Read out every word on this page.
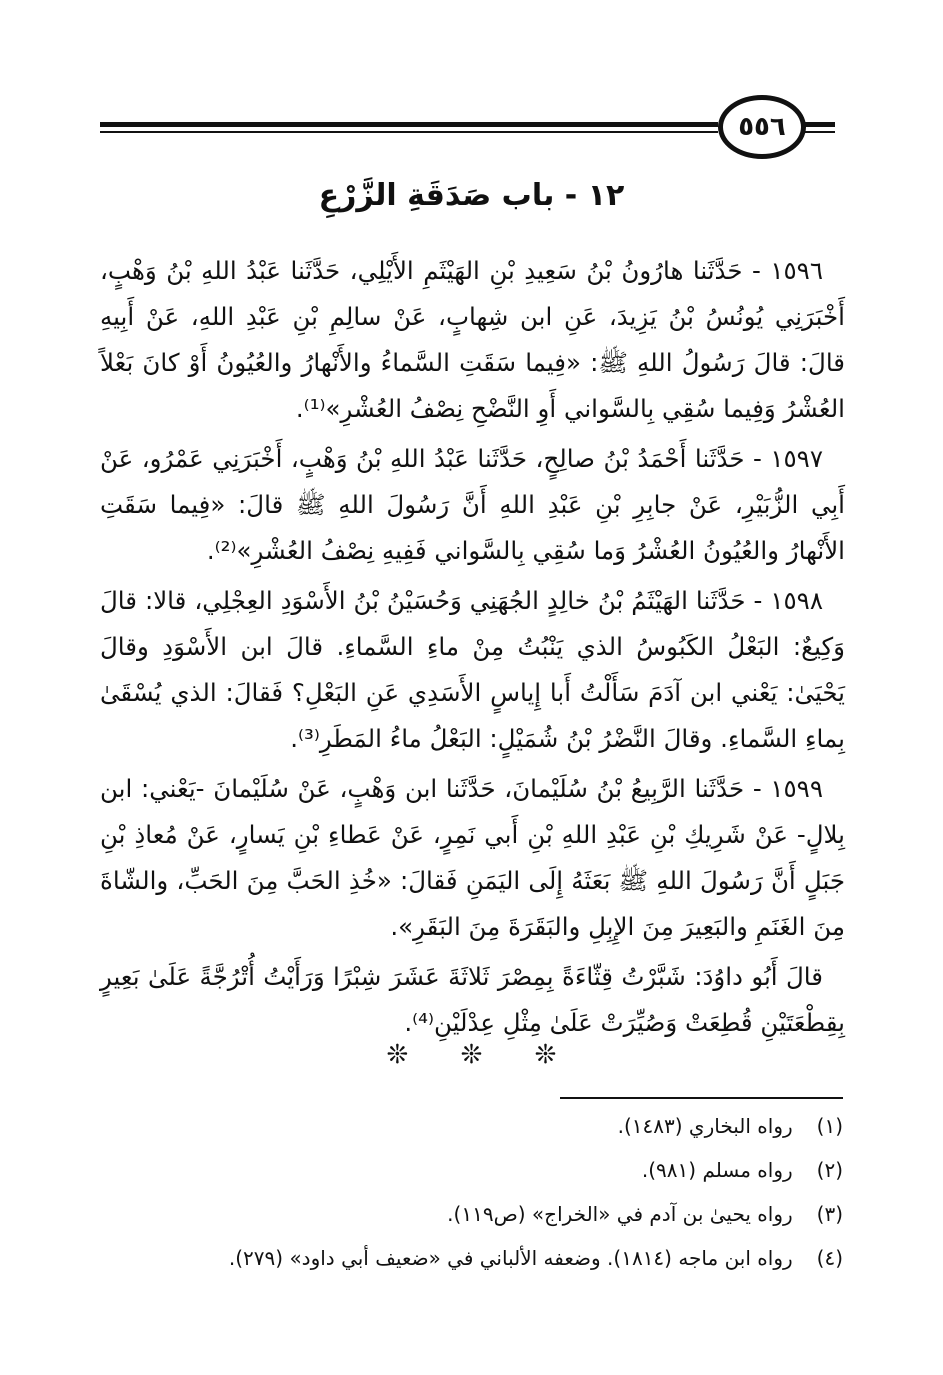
٥٥٦
١٢ - باب صَدَقَةِ الزَّرْعِ

١٥٩٦ - حَدَّثَنا هارُونُ بْنُ سَعِيدِ بْنِ الهَيْثَمِ الأَيْلِي، حَدَّثَنا عَبْدُ اللهِ بْنُ وَهْبٍ، أَخْبَرَنِي يُونُسُ بْنُ يَزِيدَ، عَنِ ابن شِهابٍ، عَنْ سالِمِ بْنِ عَبْدِ اللهِ، عَنْ أَبِيهِ قالَ: قالَ رَسُولُ اللهِ ﷺ: «فِيما سَقَتِ السَّماءُ والأَنْهارُ والعُيُونُ أَوْ كانَ بَعْلاً العُشْرُ وَفِيما سُقِي بِالسَّواني أَوِ النَّضْحِ نِصْفُ العُشْرِ»⁽¹⁾.

١٥٩٧ - حَدَّثَنا أَحْمَدُ بْنُ صالِحٍ، حَدَّثَنا عَبْدُ اللهِ بْنُ وَهْبٍ، أَخْبَرَنِي عَمْرُو، عَنْ أَبِي الزُّبَيْرِ، عَنْ جابِرِ بْنِ عَبْدِ اللهِ أَنَّ رَسُولَ اللهِ ﷺ قالَ: «فِيما سَقَتِ الأَنْهارُ والعُيُونُ العُشْرُ وَما سُقِي بِالسَّواني فَفِيهِ نِصْفُ العُشْرِ»⁽²⁾.

١٥٩٨ - حَدَّثَنا الهَيْثَمُ بْنُ خالِدٍ الجُهَنِي وَحُسَيْنُ بْنُ الأَسْوَدِ العِجْلِي، قالا: قالَ وَكِيعٌ: البَعْلُ الكَبُوسُ الذي يَنْبُتُ مِنْ ماءِ السَّماءِ. قالَ ابن الأَسْوَدِ وقالَ يَحْيَىٰ: يَعْني ابن آدَمَ سَأَلْتُ أَبا إِياسٍ الأَسَدِي عَنِ البَعْلِ؟ فَقالَ: الذي يُسْقَىٰ بِماءِ السَّماءِ. وقالَ النَّضْرُ بْنُ شُمَيْلٍ: البَعْلُ ماءُ المَطَرِ⁽³⁾.

١٥٩٩ - حَدَّثَنا الرَّبِيعُ بْنُ سُلَيْمانَ، حَدَّثَنا ابن وَهْبٍ، عَنْ سُلَيْمانَ -يَعْني: ابن بِلالٍ- عَنْ شَرِيكِ بْنِ عَبْدِ اللهِ بْنِ أَبي نَمِرٍ، عَنْ عَطاءِ بْنِ يَسارٍ، عَنْ مُعاذِ بْنِ جَبَلٍ أَنَّ رَسُولَ اللهِ ﷺ بَعَثَهُ إِلَى اليَمَنِ فَقالَ: «خُذِ الحَبَّ مِنَ الحَبِّ، والشّاةَ مِنَ الغَنَمِ والبَعِيرَ مِنَ الإِبِلِ والبَقَرَةَ مِنَ البَقَرِ».

قالَ أَبُو داوُدَ: شَبَّرْتُ قِثّاءَةً بِمِصْرَ ثَلاثَةَ عَشَرَ شِبْرًا وَرَأَيْتُ أُتْرُجَّةً عَلَىٰ بَعِيرٍ بِقِطْعَتَيْنِ قُطِعَتْ وَصُيِّرَتْ عَلَىٰ مِثْلِ عِدْلَيْنِ⁽⁴⁾.

❊ ❊ ❊

(١) رواه البخاري (١٤٨٣).

(٢) رواه مسلم (٩٨١).

(٣) رواه يحيىٰ بن آدم في «الخراج» (ص١١٩).

(٤) رواه ابن ماجه (١٨١٤). وضعفه الألباني في «ضعيف أبي داود» (٢٧٩).
